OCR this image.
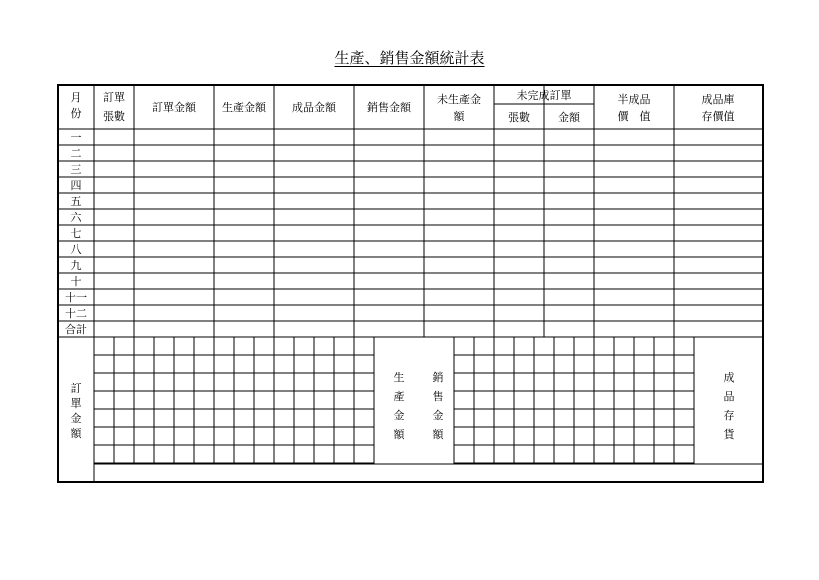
生產、銷售金額統計表
月
份
訂單
張數
訂單金額 生產金額 成品金額	銷售金額
未生產金
額
未完成訂單
張數	金額
半成品
價　值
成品庫
存價值
一
二
三
四
五
六
七
八
九
十
十一
十二
合計
訂
單
金
額
生
產
金
額
銷
售
金
額
成
品
存
貨
